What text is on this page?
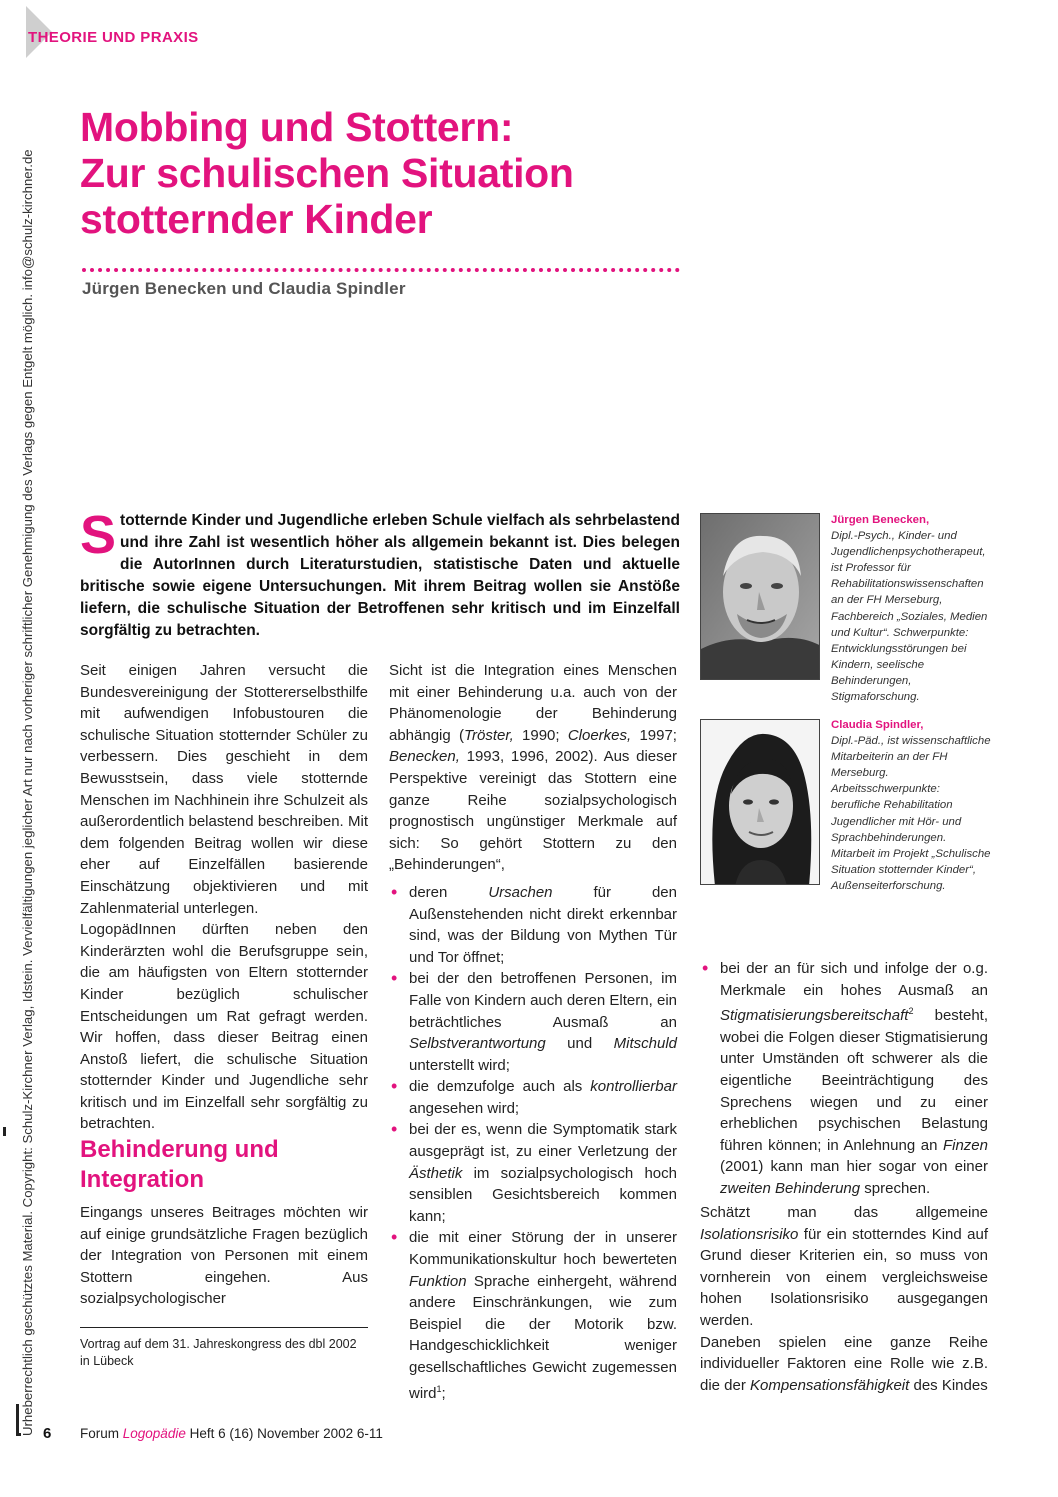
THEORIE UND PRAXIS
Urheberrechtlich geschütztes Material. Copyright: Schulz-Kirchner Verlag, Idstein. Vervielfältigungen jeglicher Art nur nach vorheriger schriftlicher Genehmigung des Verlags gegen Entgelt möglich. info@schulz-kirchner.de
Mobbing und Stottern:
Zur schulischen Situation
stotternder Kinder
Jürgen Benecken und Claudia Spindler
Stotternde Kinder und Jugendliche erleben Schule vielfach als sehrbelastend und ihre Zahl ist wesentlich höher als allgemein bekannt ist. Dies belegen die AutorInnen durch Literaturstudien, statistische Daten und aktuelle britische sowie eigene Untersuchungen. Mit ihrem Beitrag wollen sie Anstöße liefern, die schulische Situation der Betroffenen sehr kritisch und im Einzelfall sorgfältig zu betrachten.

Seit einigen Jahren versucht die Bundesvereinigung der Stottererselbsthilfe mit aufwendigen Infobustouren die schulische Situation stotternder Schüler zu verbessern. Dies geschieht in dem Bewusstsein, dass viele stotternde Menschen im Nachhinein ihre Schulzeit als außerordentlich belastend beschreiben. Mit dem folgenden Beitrag wollen wir diese eher auf Einzelfällen basierende Einschätzung objektivieren und mit Zahlenmaterial unterlegen.

LogopädInnen dürften neben den Kinderärzten wohl die Berufsgruppe sein, die am häufigsten von Eltern stotternder Kinder bezüglich schulischer Entscheidungen um Rat gefragt werden. Wir hoffen, dass dieser Beitrag einen Anstoß liefert, die schulische Situation stotternder Kinder und Jugendliche sehr kritisch und im Einzelfall sehr sorgfältig zu betrachten.

Behinderung und Integration

Eingangs unseres Beitrages möchten wir auf einige grundsätzliche Fragen bezüglich der Integration von Personen mit einem Stottern eingehen. Aus sozialpsychologischer

Vortrag auf dem 31. Jahreskongress des dbl 2002 in Lübeck

Sicht ist die Integration eines Menschen mit einer Behinderung u.a. auch von der Phänomenologie der Behinderung abhängig (Tröster, 1990; Cloerkes, 1997; Benecken, 1993, 1996, 2002). Aus dieser Perspektive vereinigt das Stottern eine ganze Reihe sozialpsychologisch prognostisch ungünstiger Merkmale auf sich: So gehört Stottern zu den „Behinderungen“,

• deren Ursachen für den Außenstehenden nicht direkt erkennbar sind, was der Bildung von Mythen Tür und Tor öffnet;
• bei der den betroffenen Personen, im Falle von Kindern auch deren Eltern, ein beträchtliches Ausmaß an Selbstverantwortung und Mitschuld unterstellt wird;
• die demzufolge auch als kontrollierbar angesehen wird;
• bei der es, wenn die Symptomatik stark ausgeprägt ist, zu einer Verletzung der Ästhetik im sozialpsychologisch hoch sensiblen Gesichtsbereich kommen kann;
• die mit einer Störung der in unserer Kommunikationskultur hoch bewerteten Funktion Sprache einhergeht, während andere Einschränkungen, wie zum Beispiel die der Motorik bzw. Handgeschicklichkeit weniger gesellschaftliches Gewicht zugemessen wird$^1$;
Jürgen Benecken,
Dipl.-Psych., Kinder- und Jugendlichenpsychotherapeut, ist Professor für Rehabilitationswissenschaften an der FH Merseburg, Fachbereich „Soziales, Medien und Kultur“. Schwerpunkte: Entwicklungsstörungen bei Kindern, seelische Behinderungen, Stigmaforschung.
Claudia Spindler,
Dipl.-Päd., ist wissenschaftliche Mitarbeiterin an der FH Merseburg. Arbeitsschwerpunkte: berufliche Rehabilitation Jugendlicher mit Hör- und Sprachbehinderungen. Mitarbeit im Projekt „Schulische Situation stotternder Kinder“, Außenseiterforschung.
• bei der an für sich und infolge der o.g. Merkmale ein hohes Ausmaß an Stigmatisierungsbereitschaft$^2$ besteht, wobei die Folgen dieser Stigmatisierung unter Umständen oft schwerer als die eigentliche Beeinträchtigung des Sprechens wiegen und zu einer erheblichen psychischen Belastung führen können; in Anlehnung an Finzen (2001) kann man hier sogar von einer zweiten Behinderung sprechen.

Schätzt man das allgemeine Isolationsrisiko für ein stotterndes Kind auf Grund dieser Kriterien ein, so muss von vornherein von einem vergleichsweise hohen Isolationsrisiko ausgegangen werden.

Daneben spielen eine ganze Reihe individueller Faktoren eine Rolle wie z.B. die der Kompensationsfähigkeit des Kindes

6 Forum Logopädie Heft 6 (16) November 2002 6-11
